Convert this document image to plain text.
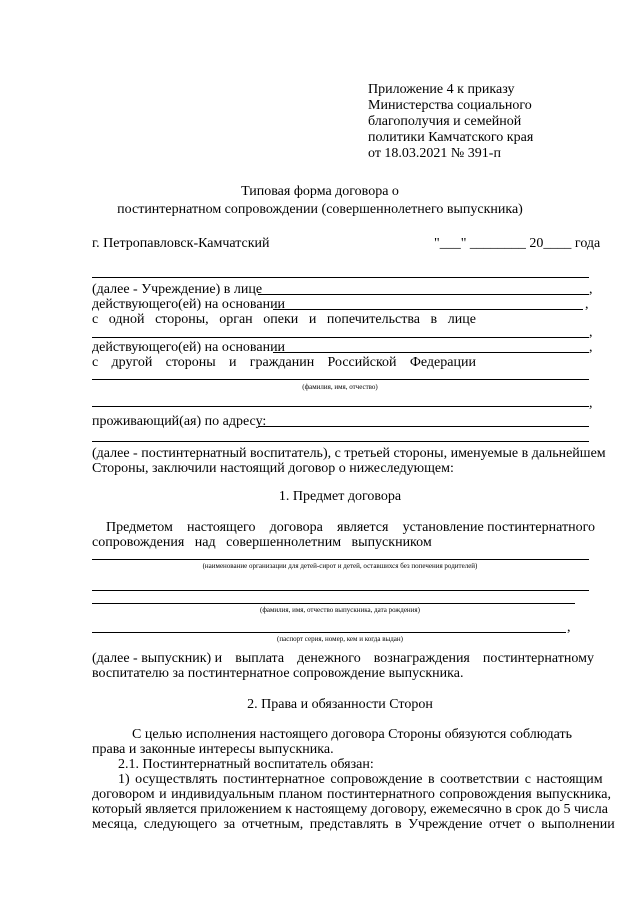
Приложение 4 к приказу
Министерства социального
благополучия и семейной
политики Камчатского края
от 18.03.2021 № 391-п
Типовая форма договора о
постинтернатном сопровождении (совершеннолетнего выпускника)
г. Петропавловск-Камчатский	"___" ________ 20____ года
(далее - Учреждение) в лице	,
действующего(ей) на основании	,
с одной стороны, орган опеки и попечительства в лице
,
действующего(ей) на основании	,
с другой стороны и гражданин Российской Федерации
(фамилия, имя, отчество)
,
проживающий(ая) по адресу:
(далее - постинтернатный воспитатель), с третьей стороны, именуемые в дальнейшем
Стороны, заключили настоящий договор о нижеследующем:
1. Предмет договора
Предметом настоящего договора является установление постинтернатного
сопровождения над совершеннолетним выпускником
(наименование организации для детей-сирот и детей, оставшихся без попечения родителей)
(фамилия, имя, отчество выпускника, дата рождения)
,
(паспорт серия, номер, кем и когда выдан)
(далее - выпускник) и выплата денежного вознаграждения постинтернатному
воспитателю за постинтернатное сопровождение выпускника.
2. Права и обязанности Сторон
С целью исполнения настоящего договора Стороны обязуются соблюдать
права и законные интересы выпускника.
2.1. Постинтернатный воспитатель обязан:
1) осуществлять постинтернатное сопровождение в соответствии с настоящим
договором и индивидуальным планом постинтернатного сопровождения выпускника,
который является приложением к настоящему договору, ежемесячно в срок до 5 числа
месяца, следующего за отчетным, представлять в Учреждение отчет о выполнении
